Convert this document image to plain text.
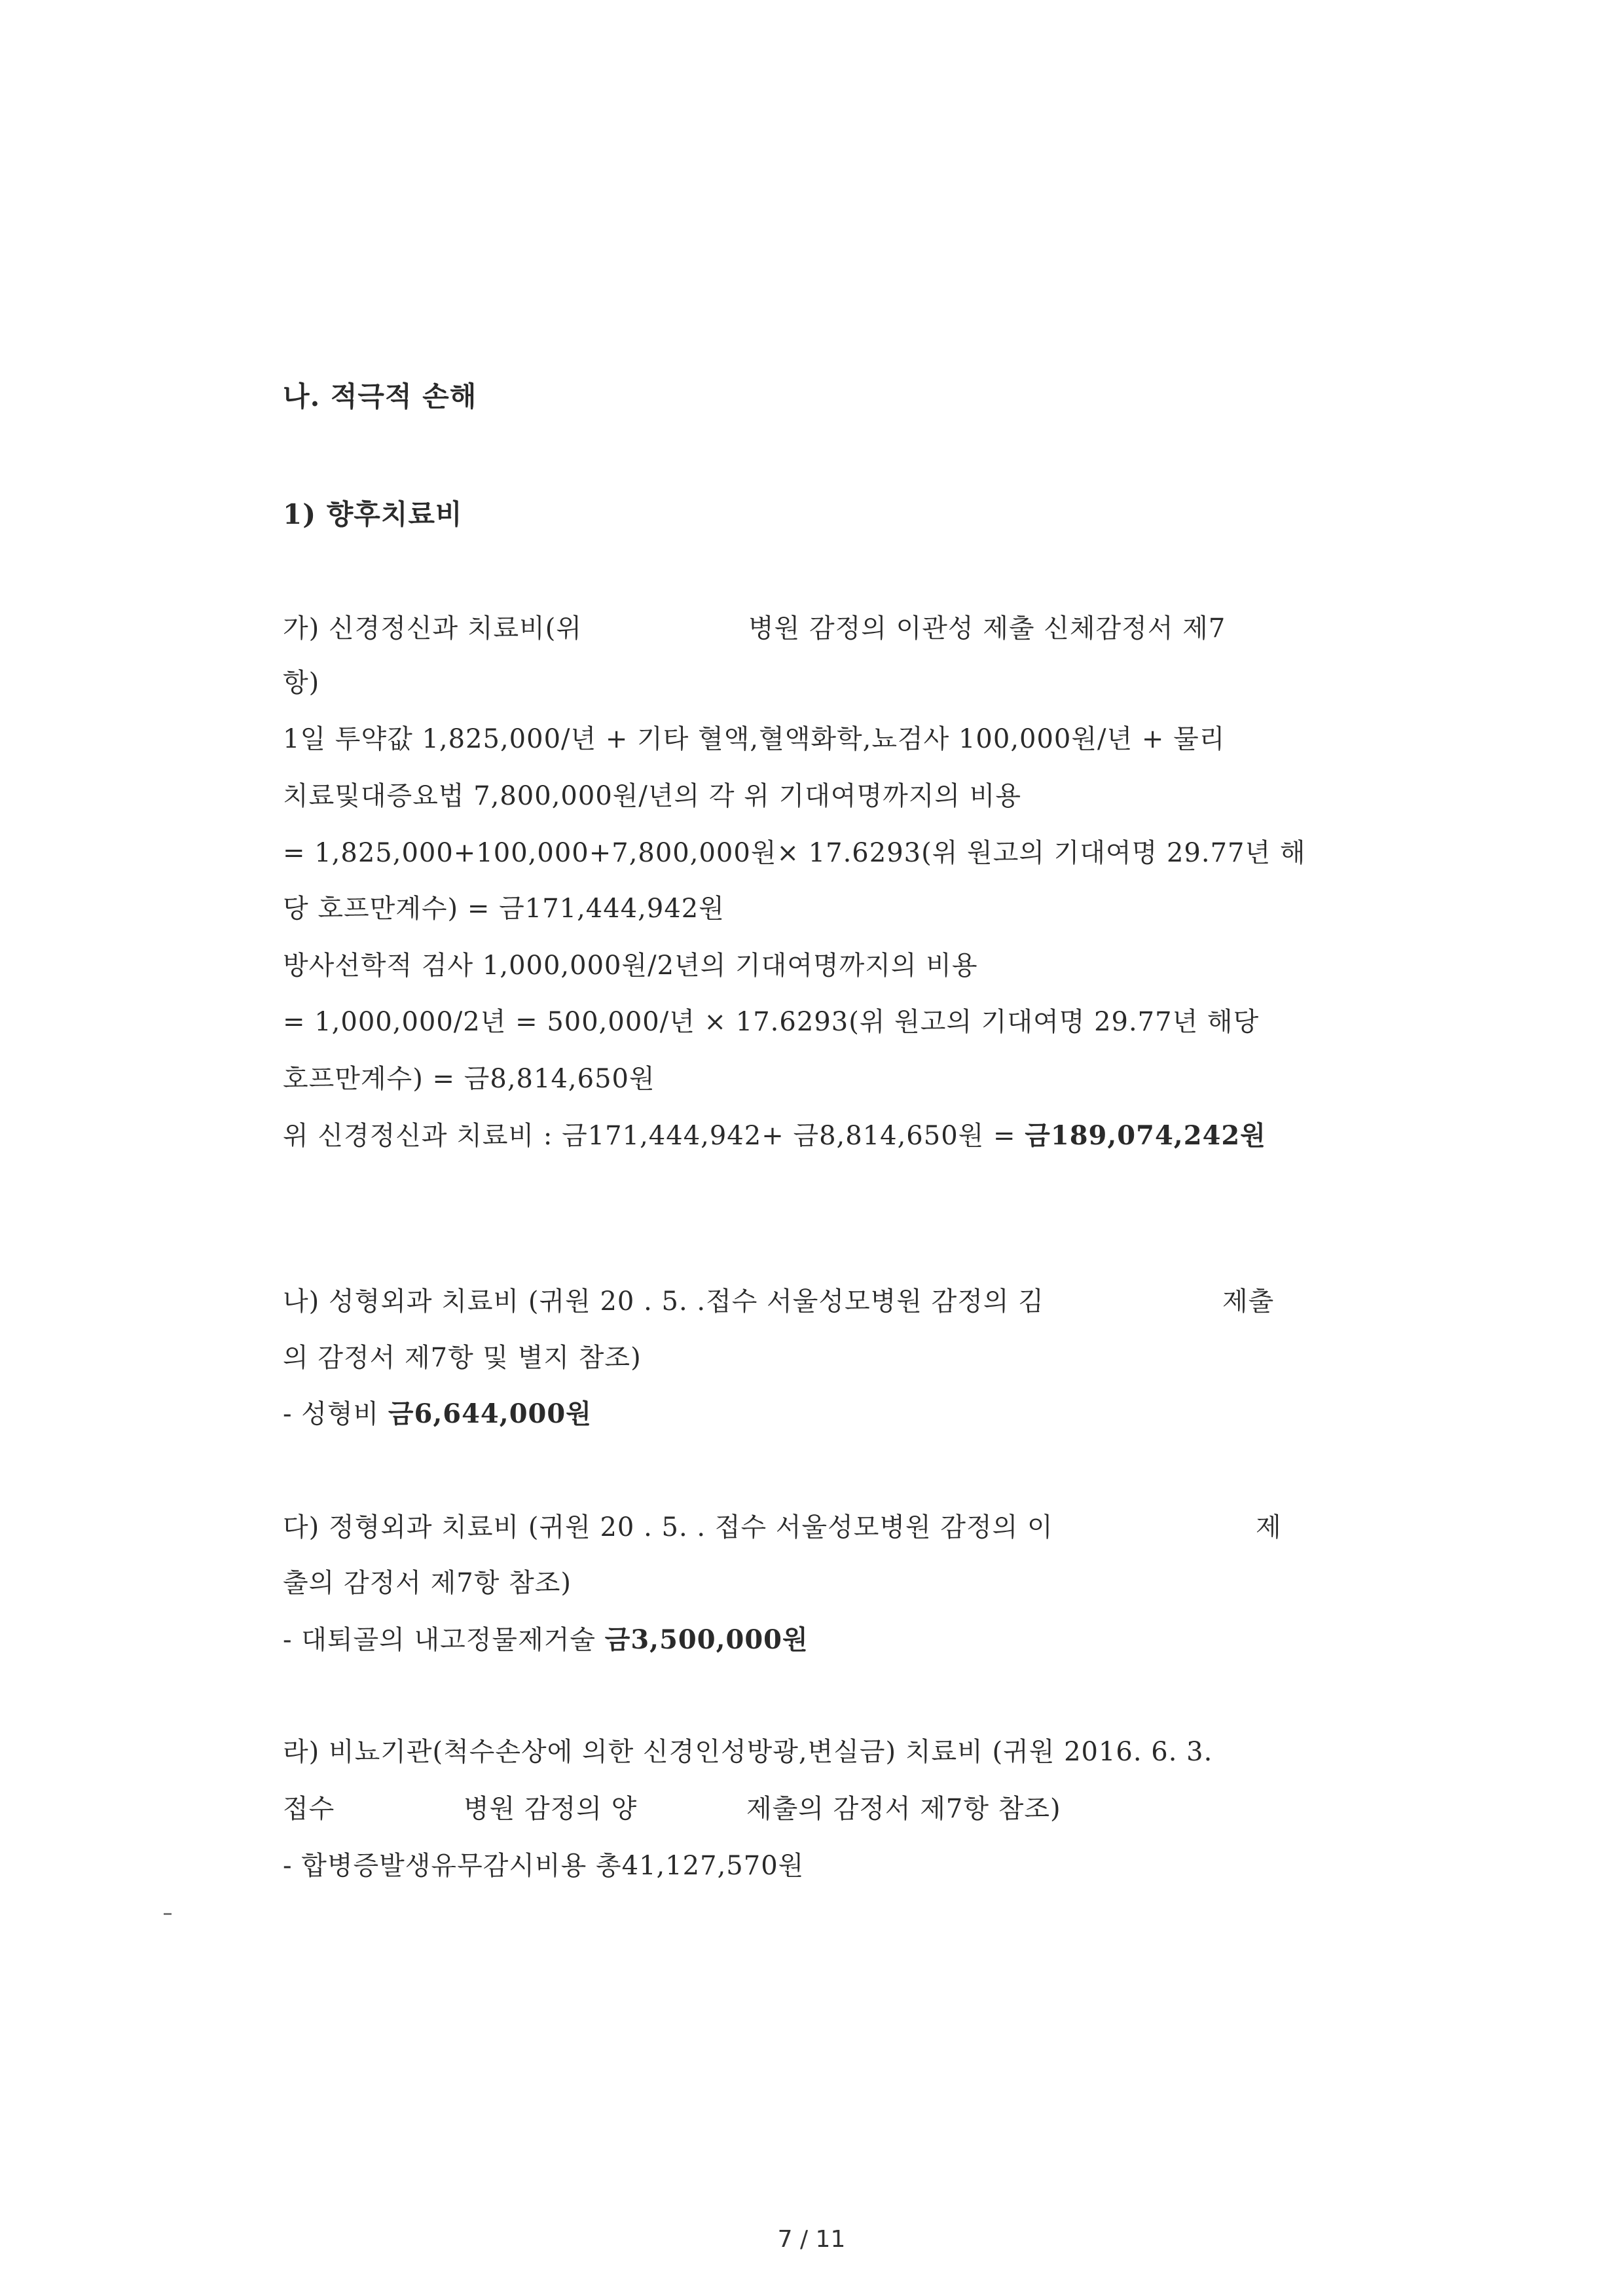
나. 적극적 손해
1) 향후치료비
가) 신경정신과 치료비(위	병원 감정의 이관성 제출 신체감정서 제7
항)
1일 투약값 1,825,000/년 + 기타 혈액,혈액화학,뇨검사 100,000원/년 + 물리
치료및대증요법 7,800,000원/년의 각 위 기대여명까지의 비용
= 1,825,000+100,000+7,800,000원× 17.6293(위 원고의 기대여명 29.77년 해
당 호프만계수) = 금171,444,942원
방사선학적 검사 1,000,000원/2년의 기대여명까지의 비용
= 1,000,000/2년 = 500,000/년 × 17.6293(위 원고의 기대여명 29.77년 해당
호프만계수) = 금8,814,650원
위 신경정신과 치료비 : 금171,444,942+ 금8,814,650원 = 금189,074,242원
나) 성형외과 치료비 (귀원 20 . 5. .접수 서울성모병원 감정의 김	제출
의 감정서 제7항 및 별지 참조)
- 성형비 금6,644,000원
다) 정형외과 치료비 (귀원 20 . 5. . 접수 서울성모병원 감정의 이	제
출의 감정서 제7항 참조)
- 대퇴골의 내고정물제거술 금3,500,000원
라) 비뇨기관(척수손상에 의한 신경인성방광,변실금) 치료비 (귀원 2016. 6. 3.
접수	병원 감정의 양	제출의 감정서 제7항 참조)
- 합병증발생유무감시비용 총41,127,570원
7 / 11
